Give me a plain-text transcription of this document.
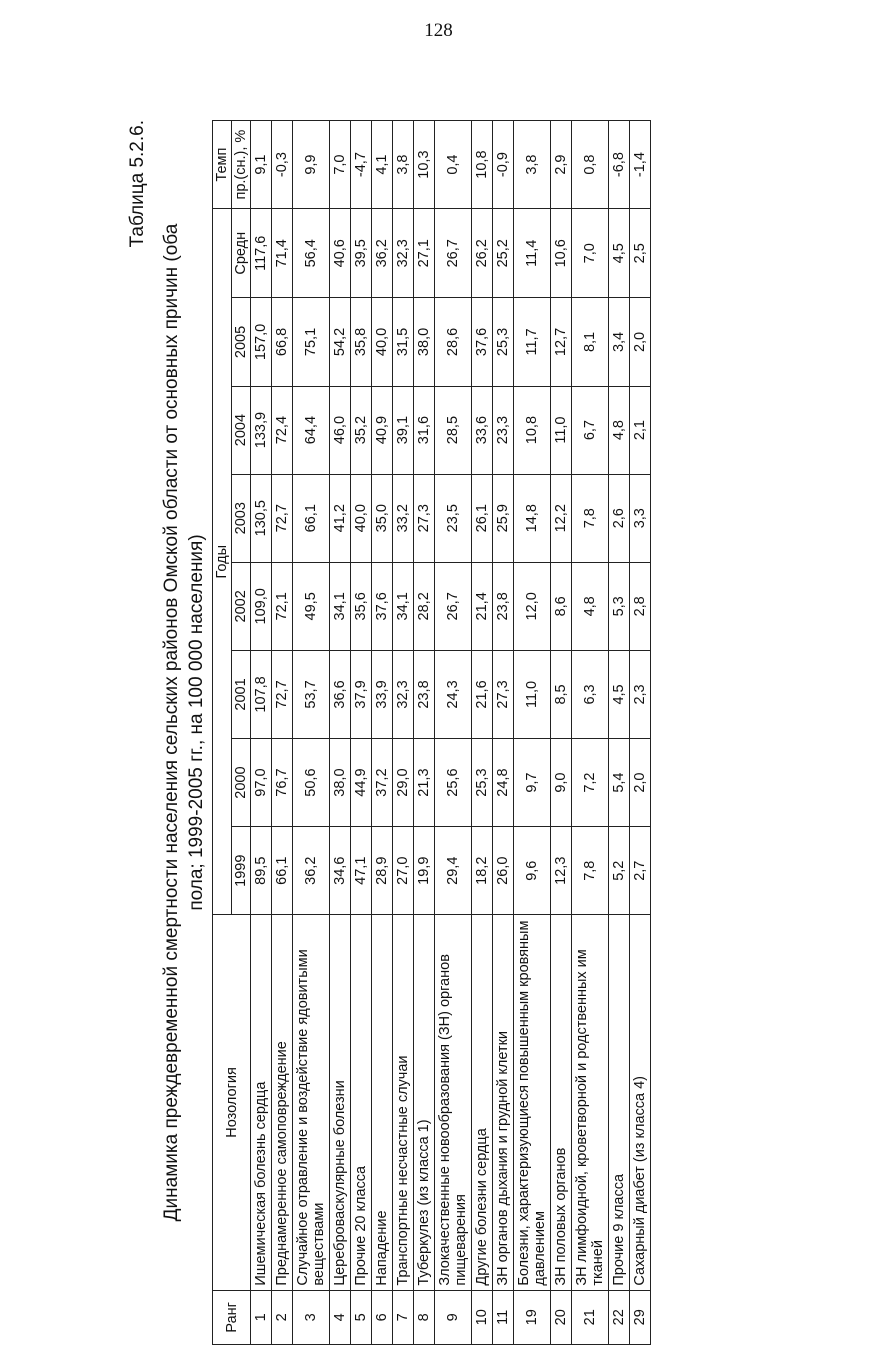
128
Таблица 5.2.6.
Динамика преждевременной смертности населения сельских районов Омской области от основных причин (оба пола; 1999-2005 гг., на 100 000 населения)
Ранг	Нозология	Годы								Темп
		1999	2000	2001	2002	2003	2004	2005	Средн	пр.(сн.), %
1	Ишемическая болезнь сердца	89,5	97,0	107,8	109,0	130,5	133,9	157,0	117,6	9,1
2	Преднамеренное самоповреждение	66,1	76,7	72,7	72,1	72,7	72,4	66,8	71,4	-0,3
3	Случайное отравление и воздействие ядовитыми веществами	36,2	50,6	53,7	49,5	66,1	64,4	75,1	56,4	9,9
4	Цереброваскулярные болезни	34,6	38,0	36,6	34,1	41,2	46,0	54,2	40,6	7,0
5	Прочие 20 класса	47,1	44,9	37,9	35,6	40,0	35,2	35,8	39,5	-4,7
6	Нападение	28,9	37,2	33,9	37,6	35,0	40,9	40,0	36,2	4,1
7	Транспортные несчастные случаи	27,0	29,0	32,3	34,1	33,2	39,1	31,5	32,3	3,8
8	Туберкулез (из класса 1)	19,9	21,3	23,8	28,2	27,3	31,6	38,0	27,1	10,3
9	Злокачественные новообразования (ЗН) органов пищеварения	29,4	25,6	24,3	26,7	23,5	28,5	28,6	26,7	0,4
10	Другие болезни сердца	18,2	25,3	21,6	21,4	26,1	33,6	37,6	26,2	10,8
11	ЗН органов дыхания и грудной клетки	26,0	24,8	27,3	23,8	25,9	23,3	25,3	25,2	-0,9
19	Болезни, характеризующиеся повышенным кровяным давлением	9,6	9,7	11,0	12,0	14,8	10,8	11,7	11,4	3,8
20	ЗН половых органов	12,3	9,0	8,5	8,6	12,2	11,0	12,7	10,6	2,9
21	ЗН лимфоидной, кроветворной и родственных им тканей	7,8	7,2	6,3	4,8	7,8	6,7	8,1	7,0	0,8
22	Прочие 9 класса	5,2	5,4	4,5	5,3	2,6	4,8	3,4	4,5	-6,8
29	Сахарный диабет (из класса 4)	2,7	2,0	2,3	2,8	3,3	2,1	2,0	2,5	-1,4
